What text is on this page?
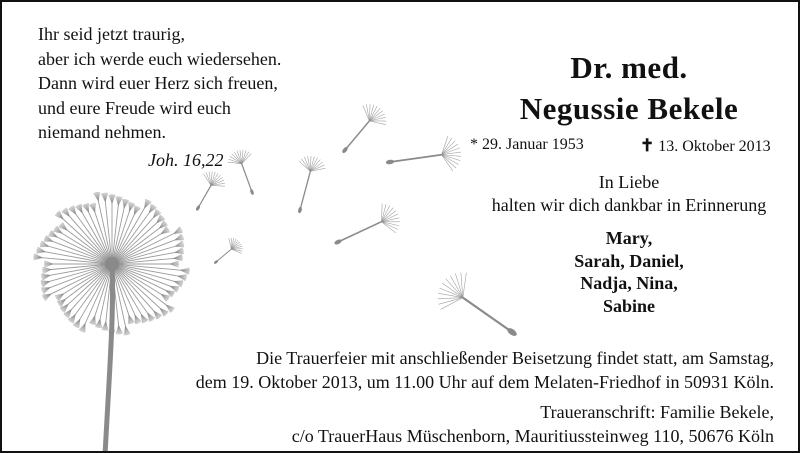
Ihr seid jetzt traurig,
aber ich werde euch wiedersehen.
Dann wird euer Herz sich freuen,
und eure Freude wird euch
niemand nehmen.
Joh. 16,22
Dr. med.
Negussie Bekele
* 29. Januar 1953	✝ 13. Oktober 2013
In Liebe
halten wir dich dankbar in Erinnerung
Mary,
Sarah, Daniel,
Nadja, Nina,
Sabine
Die Trauerfeier mit anschließender Beisetzung findet statt, am Samstag,
dem 19. Oktober 2013, um 11.00 Uhr auf dem Melaten-Friedhof in 50931 Köln.
Traueranschrift: Familie Bekele,
c/o TrauerHaus Müschenborn, Mauritiussteinweg 110, 50676 Köln
